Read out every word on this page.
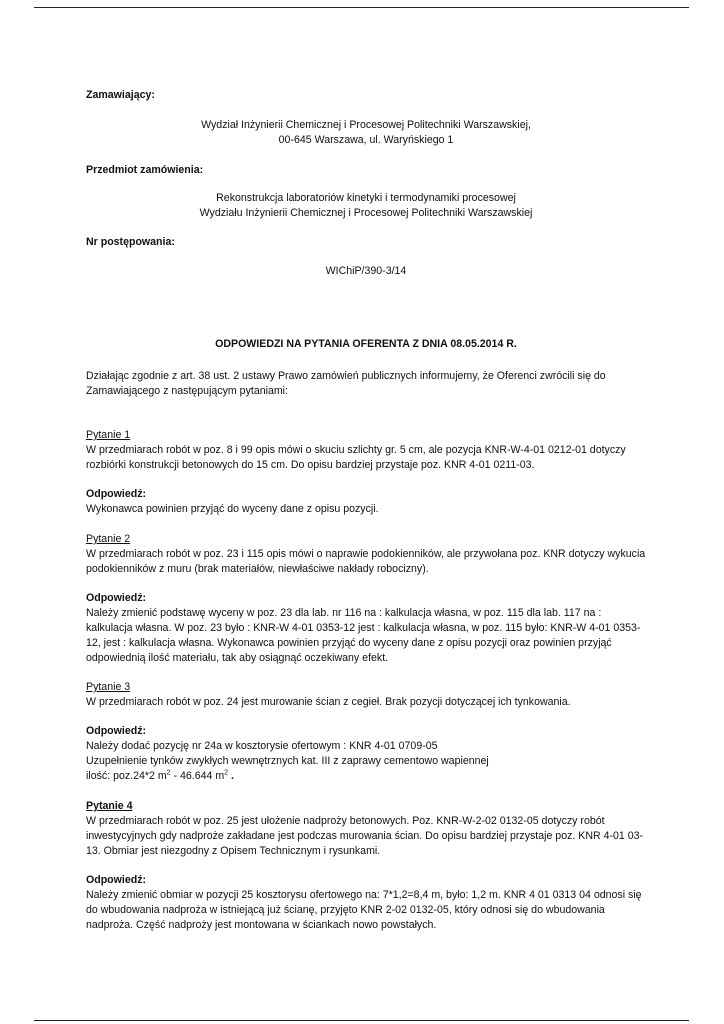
Zamawiający:

Wydział Inżynierii Chemicznej i Procesowej Politechniki Warszawskiej,

00-645 Warszawa, ul. Waryńskiego 1

Przedmiot zamówienia:

Rekonstrukcja laboratoriów kinetyki i termodynamiki procesowej

Wydziału Inżynierii Chemicznej i Procesowej Politechniki Warszawskiej

Nr postępowania:

WIChiP/390-3/14

ODPOWIEDZI NA PYTANIA OFERENTA Z DNIA 08.05.2014 R.

Działając zgodnie z art. 38 ust. 2 ustawy Prawo zamówień publicznych informujemy, że Oferenci zwrócili się do Zamawiającego z następującym pytaniami:

Pytanie 1

W przedmiarach robót w poz. 8 i 99 opis mówi o skuciu szlichty gr. 5 cm, ale pozycja KNR-W-4-01 0212-01 dotyczy rozbiórki konstrukcji betonowych do 15 cm. Do opisu bardziej przystaje poz. KNR 4-01 0211-03.

Odpowiedź:

Wykonawca powinien przyjąć do wyceny dane z opisu pozycji.

Pytanie 2

W przedmiarach robót w poz. 23 i 115 opis mówi o naprawie podokienników, ale przywołana poz. KNR dotyczy wykucia podokienników z muru (brak materiałów, niewłaściwe nakłady robocizny).

Odpowiedź:

Należy zmienić podstawę wyceny w poz. 23 dla lab. nr 116 na : kalkulacja własna, w poz. 115 dla lab. 117 na : kalkulacja własna. W poz. 23 było : KNR-W 4-01 0353-12 jest : kalkulacja własna, w poz. 115 było: KNR-W 4-01 0353-12, jest : kalkulacja własna. Wykonawca powinien przyjąć do wyceny dane z opisu pozycji oraz powinien przyjąć odpowiednią ilość materiału, tak aby osiągnąć oczekiwany efekt.

Pytanie 3

W przedmiarach robót w poz. 24 jest murowanie ścian z cegieł. Brak pozycji dotyczącej ich tynkowania.

Odpowiedź:

Należy dodać pozycję nr 24a w kosztorysie ofertowym : KNR 4-01 0709-05

Uzupełnienie tynków zwykłych wewnętrznych kat. III z zaprawy cementowo wapiennej

ilość: poz.24*2 $m^2 - 46.644$ $m^2$ .

Pytanie 4

W przedmiarach robót w poz. 25 jest ułożenie nadproży betonowych. Poz. KNR-W-2-02 0132-05 dotyczy robót inwestycyjnych gdy nadproże zakładane jest podczas murowania ścian. Do opisu bardziej przystaje poz. KNR 4-01 03-13. Obmiar jest niezgodny z Opisem Technicznym i rysunkami.

Odpowiedź:

Należy zmienić obmiar w pozycji 25 kosztorysu ofertowego na: 7*1,2=8,4 m, było: 1,2 m. KNR 4 01 0313 04 odnosi się do wbudowania nadproża w istniejącą już ścianę, przyjęto KNR 2-02 0132-05, który odnosi się do wbudowania nadproża. Część nadproży jest montowana w ściankach nowo powstałych.
